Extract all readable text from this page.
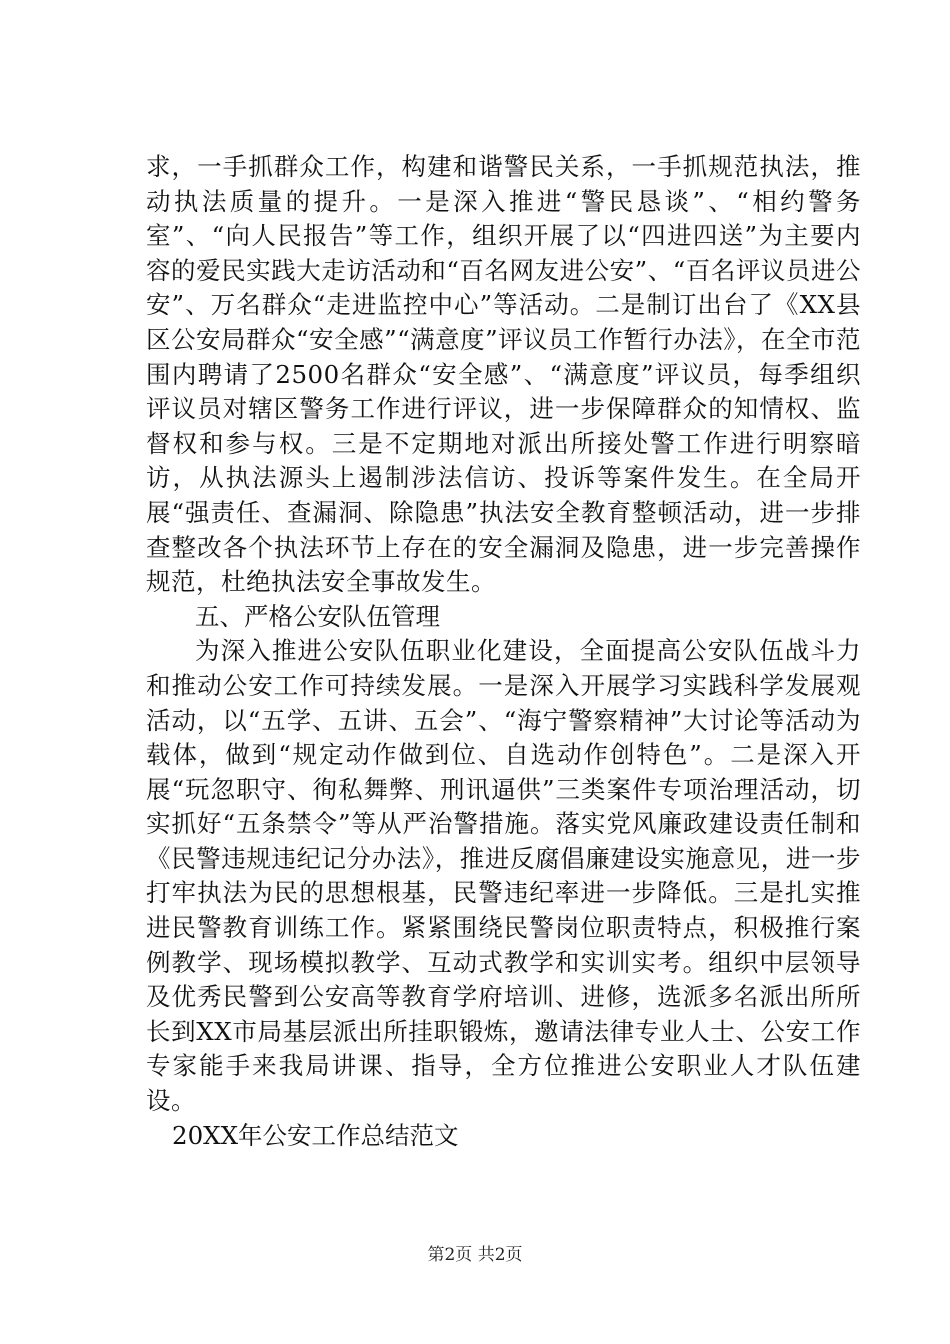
求，一手抓群众工作，构建和谐警民关系，一手抓规范执法，推动执法质量的提升。一是深入推进“警民恳谈”、“相约警务室”、“向人民报告”等工作，组织开展了以“四进四送”为主要内容的爱民实践大走访活动和“百名网友进公安”、“百名评议员进公安”、万名群众“走进监控中心”等活动。二是制订出台了《XX县区公安局群众“安全感”“满意度”评议员工作暂行办法》，在全市范围内聘请了2500名群众“安全感”、“满意度”评议员，每季组织评议员对辖区警务工作进行评议，进一步保障群众的知情权、监督权和参与权。三是不定期地对派出所接处警工作进行明察暗访，从执法源头上遏制涉法信访、投诉等案件发生。在全局开展“强责任、查漏洞、除隐患”执法安全教育整顿活动，进一步排查整改各个执法环节上存在的安全漏洞及隐患，进一步完善操作规范，杜绝执法安全事故发生。

五、严格公安队伍管理

为深入推进公安队伍职业化建设，全面提高公安队伍战斗力和推动公安工作可持续发展。一是深入开展学习实践科学发展观活动，以“五学、五讲、五会”、“海宁警察精神”大讨论等活动为载体，做到“规定动作做到位、自选动作创特色”。二是深入开展“玩忽职守、徇私舞弊、刑讯逼供”三类案件专项治理活动，切实抓好“五条禁令”等从严治警措施。落实党风廉政建设责任制和《民警违规违纪记分办法》，推进反腐倡廉建设实施意见，进一步打牢执法为民的思想根基，民警违纪率进一步降低。三是扎实推进民警教育训练工作。紧紧围绕民警岗位职责特点，积极推行案例教学、现场模拟教学、互动式教学和实训实考。组织中层领导及优秀民警到公安高等教育学府培训、进修，选派多名派出所所长到XX市局基层派出所挂职锻炼，邀请法律专业人士、公安工作专家能手来我局讲课、指导，全方位推进公安职业人才队伍建设。

20XX年公安工作总结范文

第2页 共2页
